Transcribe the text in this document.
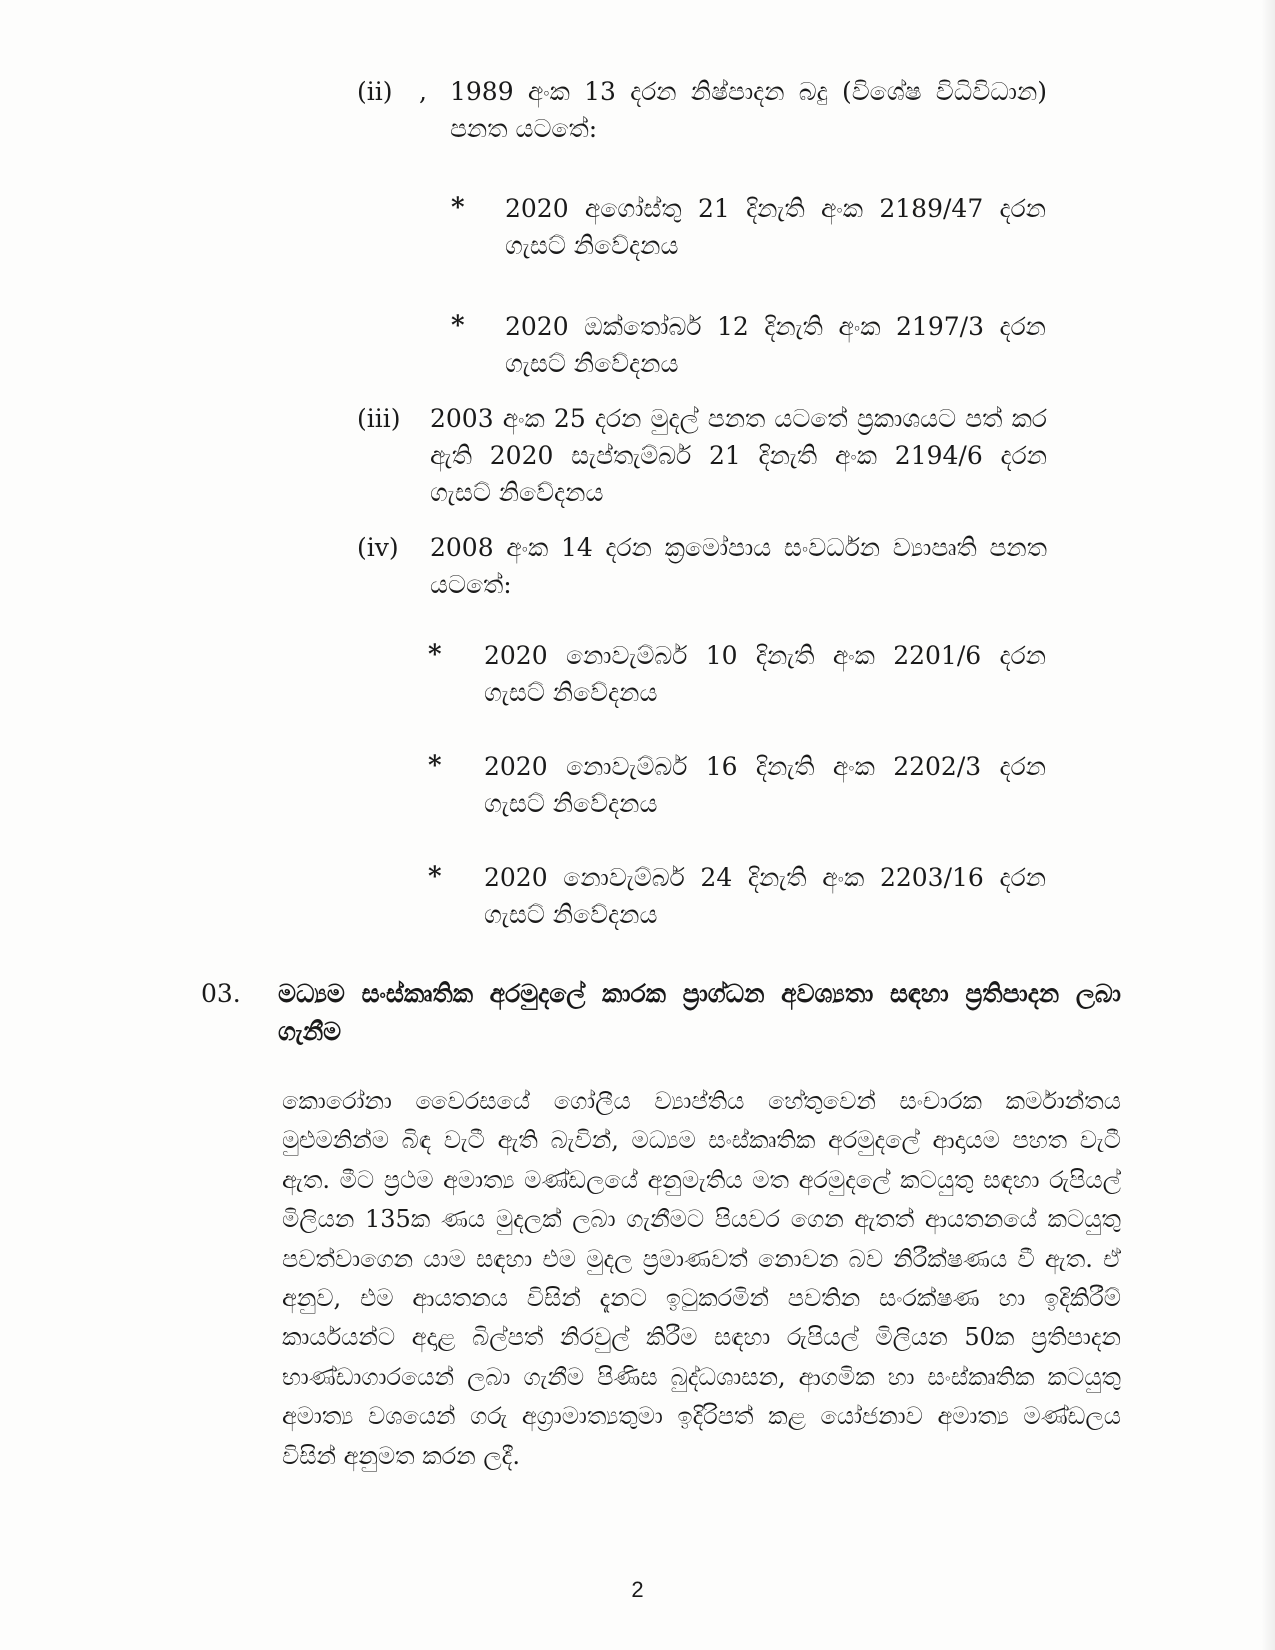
(ii) , 1989 අංක 13 දරන නිෂ්පාදන බදු (විශේෂ විධිවිධාන) පනත යටතේ:
* 2020 අගෝස්තු 21 දිනැති අංක 2189/47 දරන ගැසට් නිවේදනය
* 2020 ඔක්තෝබර් 12 දිනැති අංක 2197/3 දරන ගැසට් නිවේදනය
(iii) 2003 අංක 25 දරන මුදල් පනත යටතේ ප්‍රකාශයට පත් කර ඇති 2020 සැප්තැම්බර් 21 දිනැති අංක 2194/6 දරන ගැසට් නිවේදනය
(iv) 2008 අංක 14 දරන ක්‍රමෝපාය සංවර්ධන ව්‍යාපෘති පනත යටතේ:
* 2020 නොවැම්බර් 10 දිනැති අංක 2201/6 දරන ගැසට් නිවේදනය
* 2020 නොවැම්බර් 16 දිනැති අංක 2202/3 දරන ගැසට් නිවේදනය
* 2020 නොවැම්බර් 24 දිනැති අංක 2203/16 දරන ගැසට් නිවේදනය
03. මධ්‍යම සංස්කෘතික අරමුදලේ කාරක ප්‍රාග්ධන අවශ්‍යතා සඳහා ප්‍රතිපාදන ලබා ගැනීම
කොරෝනා වෛරසයේ ගෝලීය ව්‍යාප්තිය හේතුවෙන් සංචාරක කර්මාන්තය මුළුමනින්ම බිඳ වැටී ඇති බැවින්, මධ්‍යම සංස්කෘතික අරමුදලේ ආදායම පහත වැටී ඇත. මීට ප්‍රථම අමාත්‍ය මණ්ඩලයේ අනුමැතිය මත අරමුදලේ කටයුතු සඳහා රුපියල් මිලියන 135ක ණය මුදලක් ලබා ගැනීමට පියවර ගෙන ඇතත් ආයතනයේ කටයුතු පවත්වාගෙන යාම සඳහා එම මුදල ප්‍රමාණවත් නොවන බව නිරීක්ෂණය වී ඇත. ඒ අනුව, එම ආයතනය විසින් දැනට ඉටුකරමින් පවතින සංරක්ෂණ හා ඉදිකිරීම් කාර්යයන්ට අදාළ බිල්පත් නිරවුල් කිරීම සඳහා රුපියල් මිලියන 50ක ප්‍රතිපාදන භාණ්ඩාගාරයෙන් ලබා ගැනීම පිණිස බුද්ධශාසන, ආගමික හා සංස්කෘතික කටයුතු අමාත්‍ය වශයෙන් ගරු අග්‍රාමාත්‍යතුමා ඉදිරිපත් කළ යෝජනාව අමාත්‍ය මණ්ඩලය විසින් අනුමත කරන ලදී.
2
